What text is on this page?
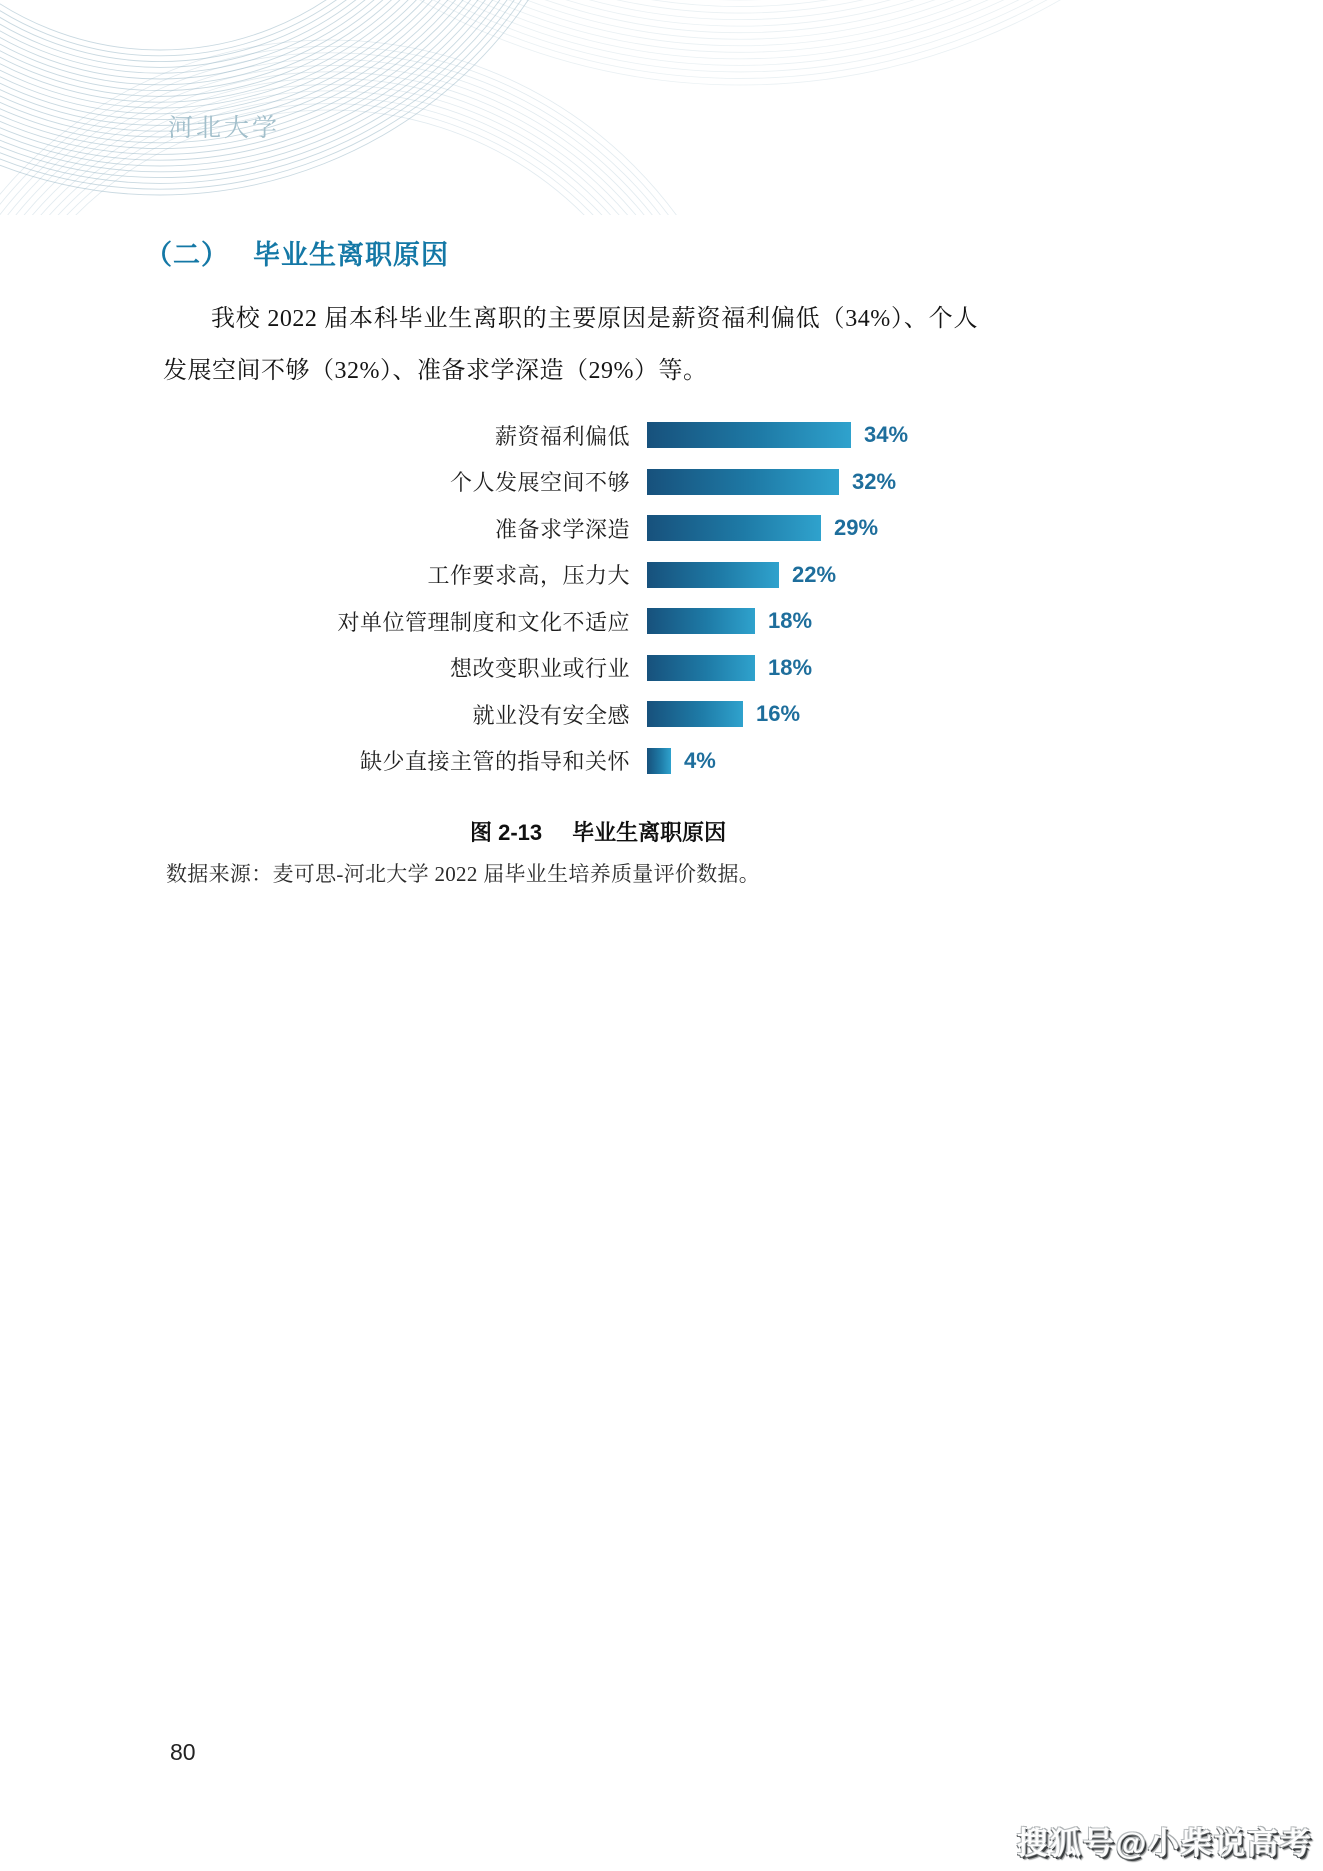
河北大学
（二） 毕业生离职原因
我校 2022 届本科毕业生离职的主要原因是薪资福利偏低（34%）、个人发展空间不够（32%）、准备求学深造（29%）等。
薪资福利偏低	34%
个人发展空间不够	32%
准备求学深造	29%
工作要求高，压力大	22%
对单位管理制度和文化不适应	18%
想改变职业或行业	18%
就业没有安全感	16%
缺少直接主管的指导和关怀 4%
图 2-13 毕业生离职原因
数据来源：麦可思-河北大学 2022 届毕业生培养质量评价数据。
80
搜狐号@小柴说高考
